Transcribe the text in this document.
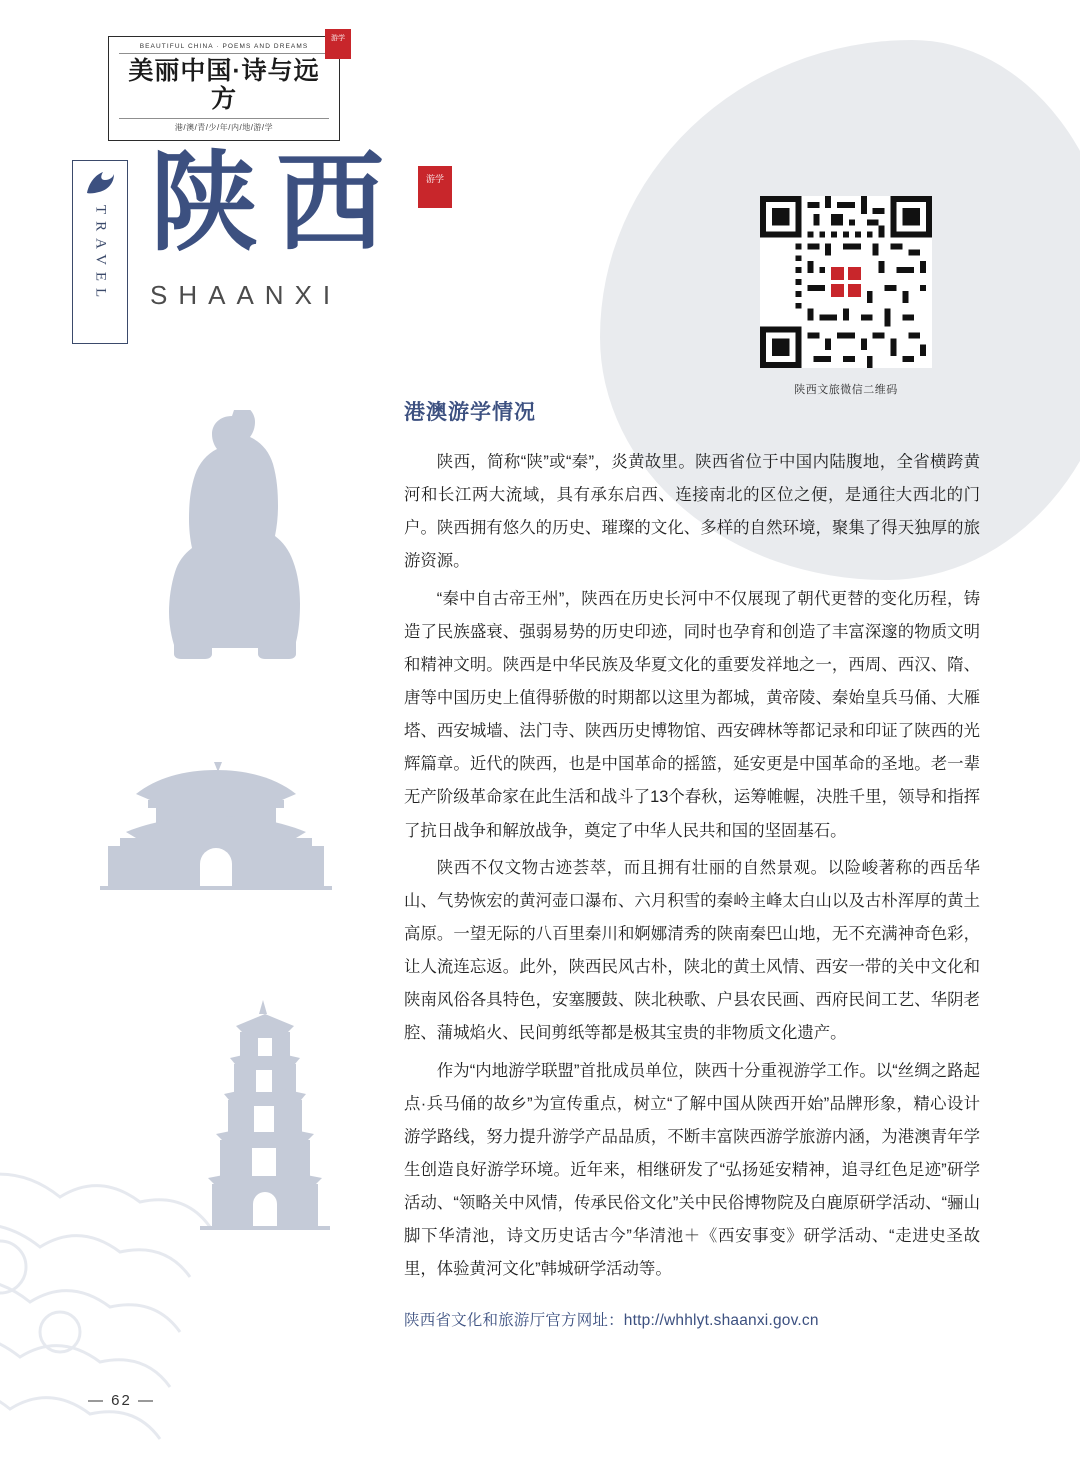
BEAUTIFUL CHINA · POEMS AND DREAMS
美丽中国·诗与远方
港/澳/青/少/年/内/地/游/学
游学
TRAVEL 陕西
SHAANXI
游学
陕西文旅微信二维码
港澳游学情况

陕西，简称“陕”或“秦”，炎黄故里。陕西省位于中国内陆腹地，全省横跨黄河和长江两大流域，具有承东启西、连接南北的区位之便，是通往大西北的门户。陕西拥有悠久的历史、璀璨的文化、多样的自然环境，聚集了得天独厚的旅游资源。

“秦中自古帝王州”，陕西在历史长河中不仅展现了朝代更替的变化历程，铸造了民族盛衰、强弱易势的历史印迹，同时也孕育和创造了丰富深邃的物质文明和精神文明。陕西是中华民族及华夏文化的重要发祥地之一，西周、西汉、隋、唐等中国历史上值得骄傲的时期都以这里为都城，黄帝陵、秦始皇兵马俑、大雁塔、西安城墙、法门寺、陕西历史博物馆、西安碑林等都记录和印证了陕西的光辉篇章。近代的陕西，也是中国革命的摇篮，延安更是中国革命的圣地。老一辈无产阶级革命家在此生活和战斗了13个春秋，运筹帷幄，决胜千里，领导和指挥了抗日战争和解放战争，奠定了中华人民共和国的坚固基石。

陕西不仅文物古迹荟萃，而且拥有壮丽的自然景观。以险峻著称的西岳华山、气势恢宏的黄河壶口瀑布、六月积雪的秦岭主峰太白山以及古朴浑厚的黄土高原。一望无际的八百里秦川和婀娜清秀的陕南秦巴山地，无不充满神奇色彩，让人流连忘返。此外，陕西民风古朴，陕北的黄土风情、西安一带的关中文化和陕南风俗各具特色，安塞腰鼓、陕北秧歌、户县农民画、西府民间工艺、华阴老腔、蒲城焰火、民间剪纸等都是极其宝贵的非物质文化遗产。

作为“内地游学联盟”首批成员单位，陕西十分重视游学工作。以“丝绸之路起点·兵马俑的故乡”为宣传重点，树立“了解中国从陕西开始”品牌形象，精心设计游学路线，努力提升游学产品品质，不断丰富陕西游学旅游内涵，为港澳青年学生创造良好游学环境。近年来，相继研发了“弘扬延安精神，追寻红色足迹”研学活动、“领略关中风情，传承民俗文化”关中民俗博物院及白鹿原研学活动、“骊山脚下华清池，诗文历史话古今”华清池＋《西安事变》研学活动、“走进史圣故里，体验黄河文化”韩城研学活动等。

陕西省文化和旅游厅官方网址：http://whhlyt.shaanxi.gov.cn

— 62 —
